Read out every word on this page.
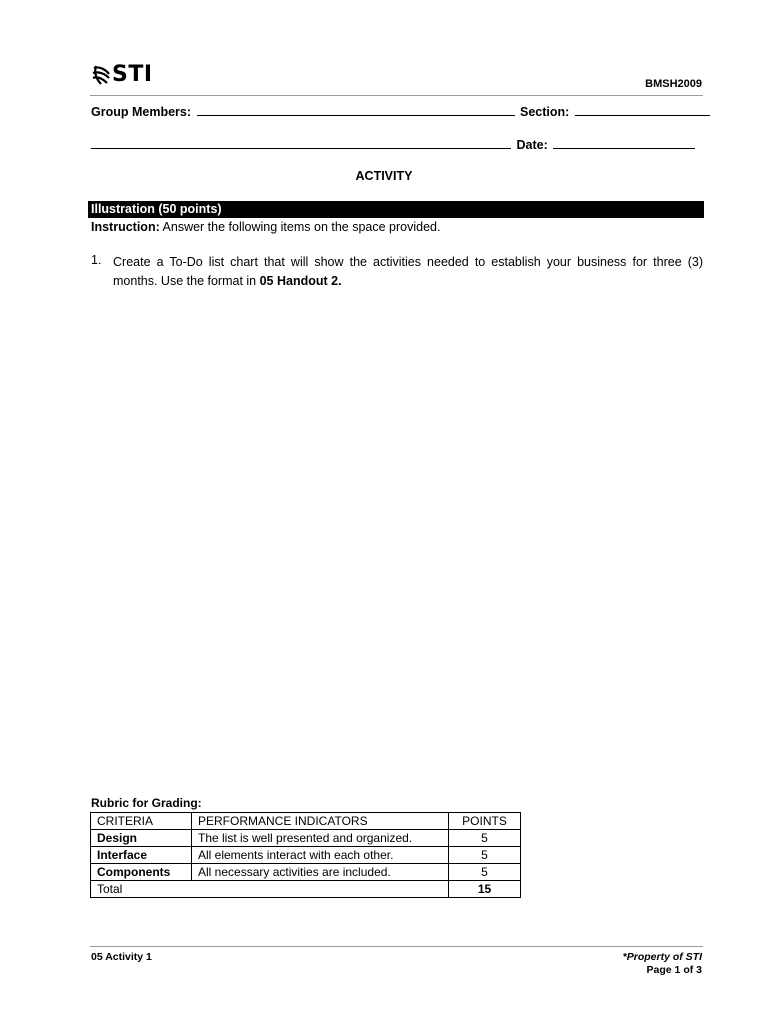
STI	BMSH2009
Group Members:	Section:
Date:
ACTIVITY
Illustration (50 points)
Instruction: Answer the following items on the space provided.
1. Create a To-Do list chart that will show the activities needed to establish your business for three (3) months. Use the format in 05 Handout 2.
Rubric for Grading:
CRITERIA	PERFORMANCE INDICATORS	POINTS
Design	The list is well presented and organized.	5
Interface	All elements interact with each other.	5
Components	All necessary activities are included.	5
Total		15
05 Activity 1	*Property of STI
Page 1 of 3
